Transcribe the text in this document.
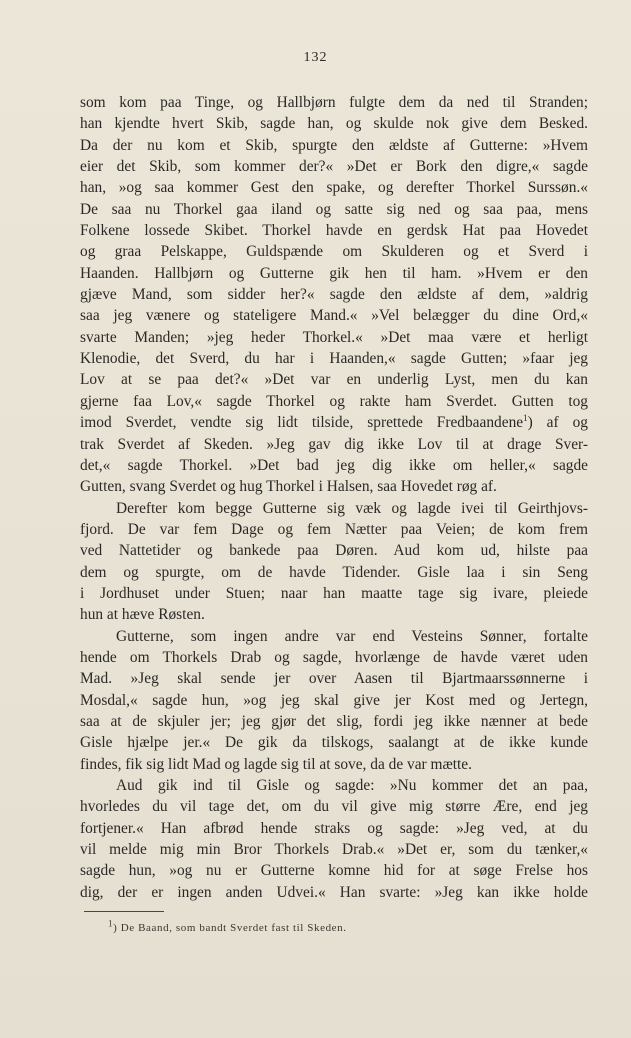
132
som kom paa Tinge, og Hallbjørn fulgte dem da ned til Stranden;
han kjendte hvert Skib, sagde han, og skulde nok give dem Besked.
Da der nu kom et Skib, spurgte den ældste af Gutterne: »Hvem
eier det Skib, som kommer der?« »Det er Bork den digre,« sagde
han, »og saa kommer Gest den spake, og derefter Thorkel Surssøn.«
De saa nu Thorkel gaa iland og satte sig ned og saa paa, mens
Folkene lossede Skibet. Thorkel havde en gerdsk Hat paa Hovedet
og graa Pelskappe, Guldspænde om Skulderen og et Sverd i
Haanden. Hallbjørn og Gutterne gik hen til ham. »Hvem er den
gjæve Mand, som sidder her?« sagde den ældste af dem, »aldrig
saa jeg vænere og stateligere Mand.« »Vel belægger du dine Ord,«
svarte Manden; »jeg heder Thorkel.« »Det maa være et herligt
Klenodie, det Sverd, du har i Haanden,« sagde Gutten; »faar jeg
Lov at se paa det?« »Det var en underlig Lyst, men du kan
gjerne faa Lov,« sagde Thorkel og rakte ham Sverdet. Gutten tog
imod Sverdet, vendte sig lidt tilside, sprettede Fredbaandene$^1$) af og
trak Sverdet af Skeden. »Jeg gav dig ikke Lov til at drage Sver-
det,« sagde Thorkel. »Det bad jeg dig ikke om heller,« sagde
Gutten, svang Sverdet og hug Thorkel i Halsen, saa Hovedet røg af.
Derefter kom begge Gutterne sig væk og lagde ivei til Geirthjovs-
fjord. De var fem Dage og fem Nætter paa Veien; de kom frem
ved Nattetider og bankede paa Døren. Aud kom ud, hilste paa
dem og spurgte, om de havde Tidender. Gisle laa i sin Seng
i Jordhuset under Stuen; naar han maatte tage sig ivare, pleiede
hun at hæve Røsten.
Gutterne, som ingen andre var end Vesteins Sønner, fortalte
hende om Thorkels Drab og sagde, hvorlænge de havde været uden
Mad. »Jeg skal sende jer over Aasen til Bjartmaarssønnerne i
Mosdal,« sagde hun, »og jeg skal give jer Kost med og Jertegn,
saa at de skjuler jer; jeg gjør det slig, fordi jeg ikke nænner at bede
Gisle hjælpe jer.« De gik da tilskogs, saalangt at de ikke kunde
findes, fik sig lidt Mad og lagde sig til at sove, da de var mætte.
Aud gik ind til Gisle og sagde: »Nu kommer det an paa,
hvorledes du vil tage det, om du vil give mig større Ære, end jeg
fortjener.« Han afbrød hende straks og sagde: »Jeg ved, at du
vil melde mig min Bror Thorkels Drab.« »Det er, som du tænker,«
sagde hun, »og nu er Gutterne komne hid for at søge Frelse hos
dig, der er ingen anden Udvei.« Han svarte: »Jeg kan ikke holde
$^1$) De Baand, som bandt Sverdet fast til Skeden.
